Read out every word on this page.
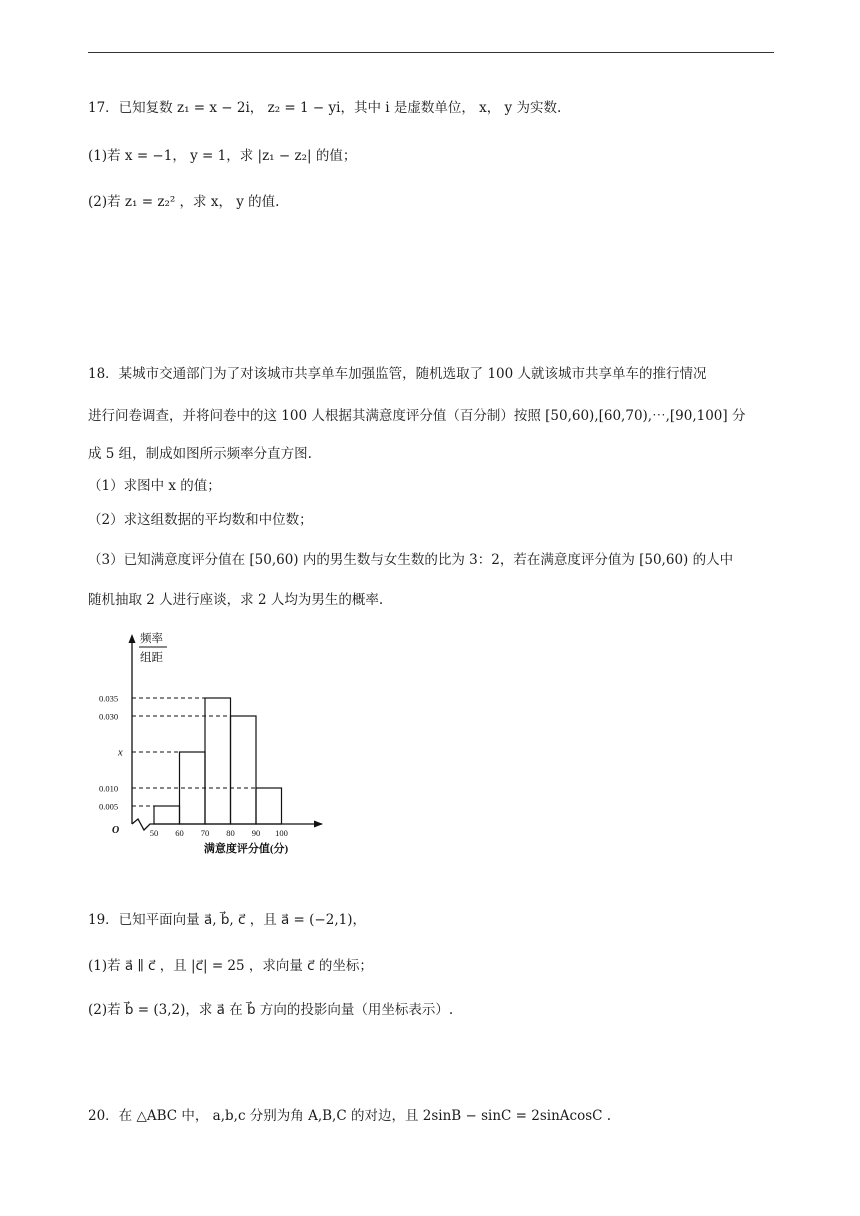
17．已知复数 z₁ = x − 2i， z₂ = 1 − yi，其中 i 是虚数单位， x， y 为实数.
(1)若 x = −1， y = 1，求 |z₁ − z₂| 的值；
(2)若 z₁ = z₂² ，求 x， y 的值.
18．某城市交通部门为了对该城市共享单车加强监管，随机选取了 100 人就该城市共享单车的推行情况
进行问卷调查，并将问卷中的这 100 人根据其满意度评分值（百分制）按照 [50,60),[60,70),⋯,[90,100] 分
成 5 组，制成如图所示频率分直方图.
（1）求图中 x 的值；
（2）求这组数据的平均数和中位数；
（3）已知满意度评分值在 [50,60) 内的男生数与女生数的比为 3：2，若在满意度评分值为 [50,60) 的人中
随机抽取 2 人进行座谈，求 2 人均为男生的概率.
频率
组距
O
0.005
0.010
x
0.030
0.035
50 60 70 80 90 100
满意度评分值(分)
19．已知平面向量 a⃗, b⃗, c⃗ ，且 a⃗ = (−2,1)，
(1)若 a⃗ ∥ c⃗ ，且 |c⃗| = 25 ，求向量 c⃗ 的坐标；
(2)若 b⃗ = (3,2)，求 a⃗ 在 b⃗ 方向的投影向量（用坐标表示）.
20．在 △ABC 中， a,b,c 分别为角 A,B,C 的对边，且 2sinB − sinC = 2sinAcosC .
